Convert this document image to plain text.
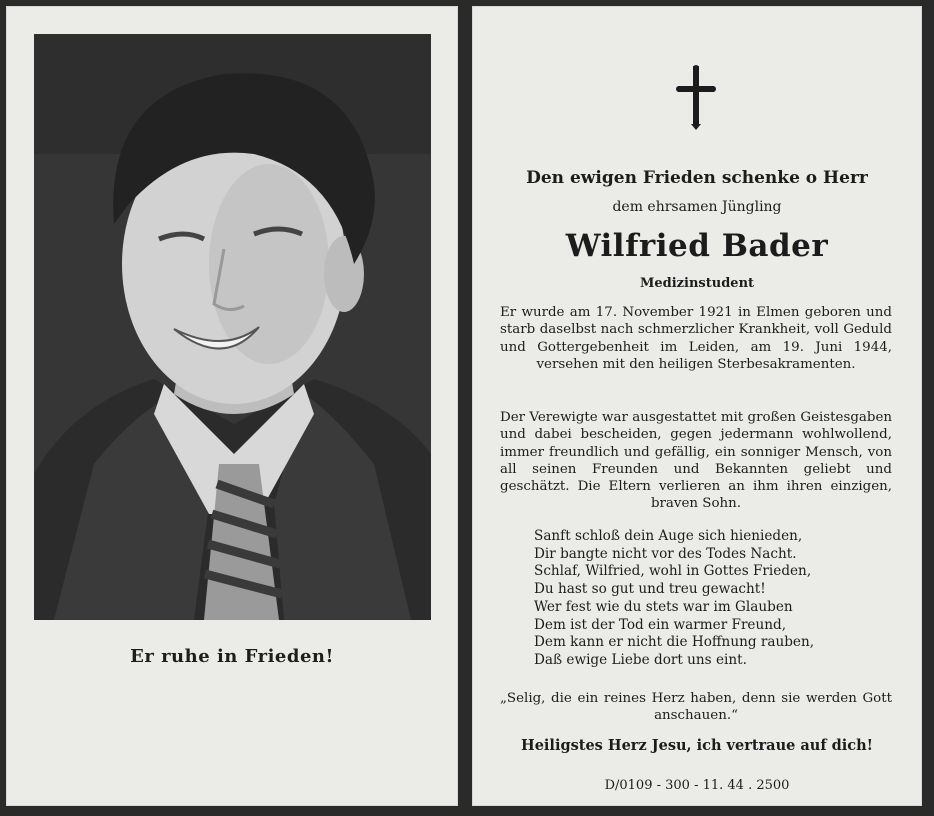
Er ruhe in Frieden!
Den ewigen Frieden schenke o Herr
dem ehrsamen Jüngling
Wilfried Bader
Medizinstudent

Er wurde am 17. November 1921 in Elmen geboren und starb daselbst nach schmerzlicher Krankheit, voll Geduld und Gottergebenheit im Leiden, am 19. Juni 1944, versehen mit den heiligen Sterbesakramenten.

Der Verewigte war ausgestattet mit großen Geistesgaben und dabei bescheiden, gegen jedermann wohlwollend, immer freundlich und gefällig, ein sonniger Mensch, von all seinen Freunden und Bekannten geliebt und geschätzt. Die Eltern verlieren an ihm ihren einzigen, braven Sohn.

Sanft schloß dein Auge sich hienieden,
Dir bangte nicht vor des Todes Nacht.
Schlaf, Wilfried, wohl in Gottes Frieden,
Du hast so gut und treu gewacht!
Wer fest wie du stets war im Glauben
Dem ist der Tod ein warmer Freund,
Dem kann er nicht die Hoffnung rauben,
Daß ewige Liebe dort uns eint.

„Selig, die ein reines Herz haben, denn sie werden Gott anschauen.“

Heiligstes Herz Jesu, ich vertraue auf dich!
D/0109 - 300 - 11. 44 . 2500
